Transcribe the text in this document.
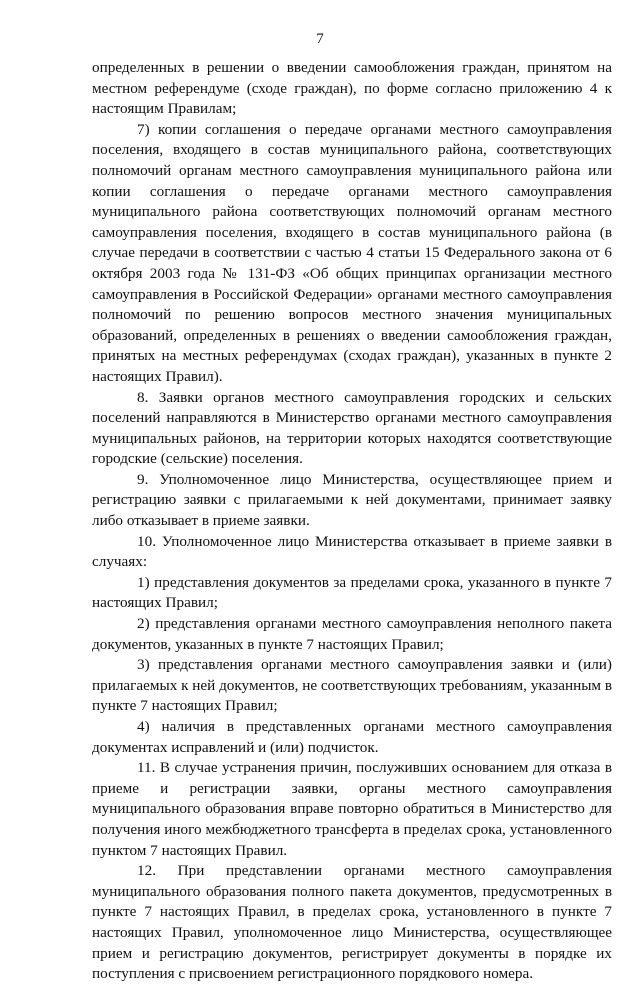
7

определенных в решении о введении самообложения граждан, принятом на местном референдуме (сходе граждан), по форме согласно приложению 4 к настоящим Правилам;

7) копии соглашения о передаче органами местного самоуправления поселения, входящего в состав муниципального района, соответствующих полномочий органам местного самоуправления муниципального района или копии соглашения о передаче органами местного самоуправления муниципального района соответствующих полномочий органам местного самоуправления поселения, входящего в состав муниципального района (в случае передачи в соответствии с частью 4 статьи 15 Федерального закона от 6 октября 2003 года № 131-ФЗ «Об общих принципах организации местного самоуправления в Российской Федерации» органами местного самоуправления полномочий по решению вопросов местного значения муниципальных образований, определенных в решениях о введении самообложения граждан, принятых на местных референдумах (сходах граждан), указанных в пункте 2 настоящих Правил).

8. Заявки органов местного самоуправления городских и сельских поселений направляются в Министерство органами местного самоуправления муниципальных районов, на территории которых находятся соответствующие городские (сельские) поселения.

9. Уполномоченное лицо Министерства, осуществляющее прием и регистрацию заявки с прилагаемыми к ней документами, принимает заявку либо отказывает в приеме заявки.

10. Уполномоченное лицо Министерства отказывает в приеме заявки в случаях:

1) представления документов за пределами срока, указанного в пункте 7 настоящих Правил;

2) представления органами местного самоуправления неполного пакета документов, указанных в пункте 7 настоящих Правил;

3) представления органами местного самоуправления заявки и (или) прилагаемых к ней документов, не соответствующих требованиям, указанным в пункте 7 настоящих Правил;

4) наличия в представленных органами местного самоуправления документах исправлений и (или) подчисток.

11. В случае устранения причин, послуживших основанием для отказа в приеме и регистрации заявки, органы местного самоуправления муниципального образования вправе повторно обратиться в Министерство для получения иного межбюджетного трансферта в пределах срока, установленного пунктом 7 настоящих Правил.

12. При представлении органами местного самоуправления муниципального образования полного пакета документов, предусмотренных в пункте 7 настоящих Правил, в пределах срока, установленного в пункте 7 настоящих Правил, уполномоченное лицо Министерства, осуществляющее прием и регистрацию документов, регистрирует документы в порядке их поступления с присвоением регистрационного порядкового номера.
